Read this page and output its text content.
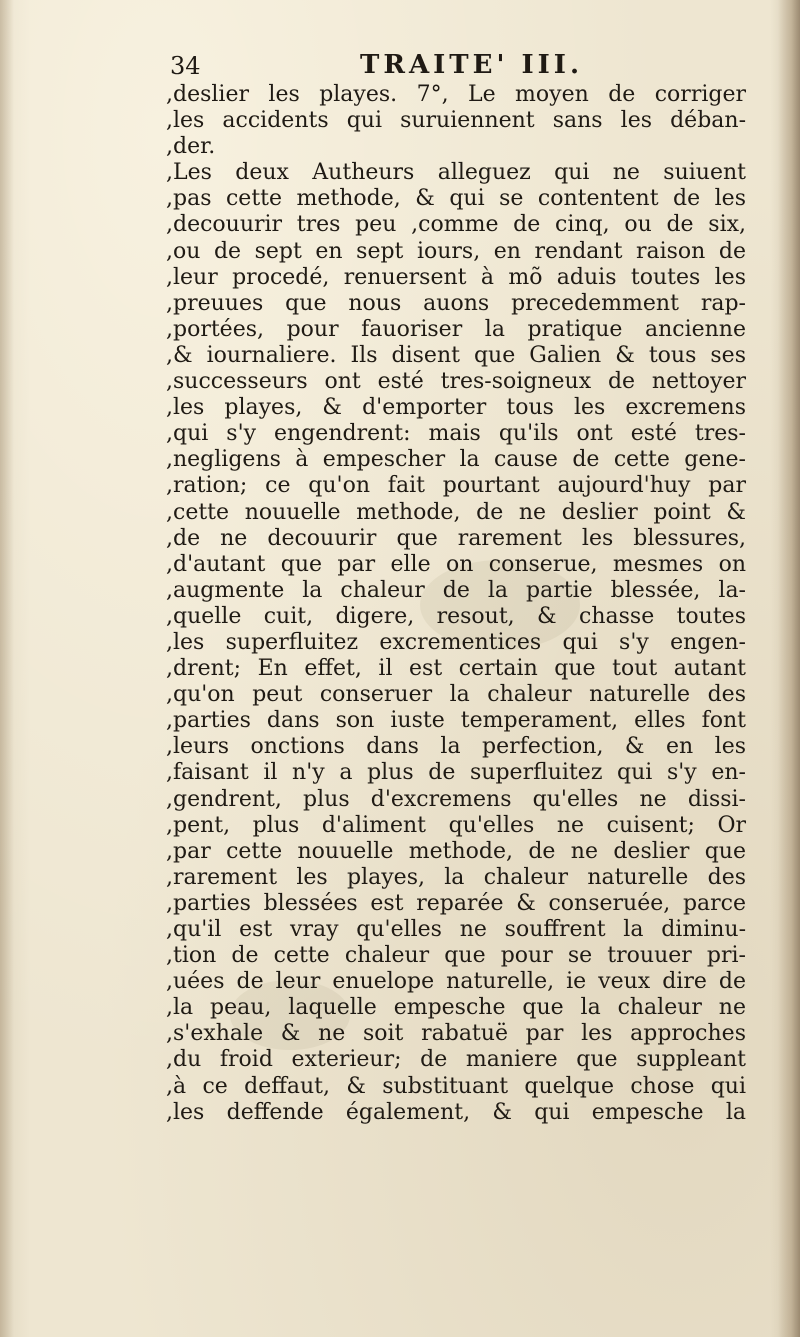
34	TRAITE' III.
,deslier les playes. 7°, Le moyen de corriger
,les accidents qui suruiennent sans les déban-
,der.
,Les deux Autheurs alleguez qui ne suiuent
,pas cette methode, & qui se contentent de les
,decouurir tres peu ,comme de cinq, ou de six,
,ou de sept en sept iours, en rendant raison de
,leur procedé, renuersent à mõ aduis toutes les
,preuues que nous auons precedemment rap-
,portées, pour fauoriser la pratique ancienne
,& iournaliere. Ils disent que Galien & tous ses
,successeurs ont esté tres-soigneux de nettoyer
,les playes, & d'emporter tous les excremens
,qui s'y engendrent: mais qu'ils ont esté tres-
,negligens à empescher la cause de cette gene-
,ration; ce qu'on fait pourtant aujourd'huy par
,cette nouuelle methode, de ne deslier point &
,de ne decouurir que rarement les blessures,
,d'autant que par elle on conserue, mesmes on
,augmente la chaleur de la partie blessée, la-
,quelle cuit, digere, resout, & chasse toutes
,les superfluitez excrementices qui s'y engen-
,drent; En effet, il est certain que tout autant
,qu'on peut conseruer la chaleur naturelle des
,parties dans son iuste temperament, elles font
,leurs onctions dans la perfection, & en les
,faisant il n'y a plus de superfluitez qui s'y en-
,gendrent, plus d'excremens qu'elles ne dissi-
,pent, plus d'aliment qu'elles ne cuisent; Or
,par cette nouuelle methode, de ne deslier que
,rarement les playes, la chaleur naturelle des
,parties blessées est reparée & conseruée, parce
,qu'il est vray qu'elles ne souffrent la diminu-
,tion de cette chaleur que pour se trouuer pri-
,uées de leur enuelope naturelle, ie veux dire de
,la peau, laquelle empesche que la chaleur ne
,s'exhale & ne soit rabatuë par les approches
,du froid exterieur; de maniere que suppleant
,à ce deffaut, & substituant quelque chose qui
,les deffende également, & qui empesche la
